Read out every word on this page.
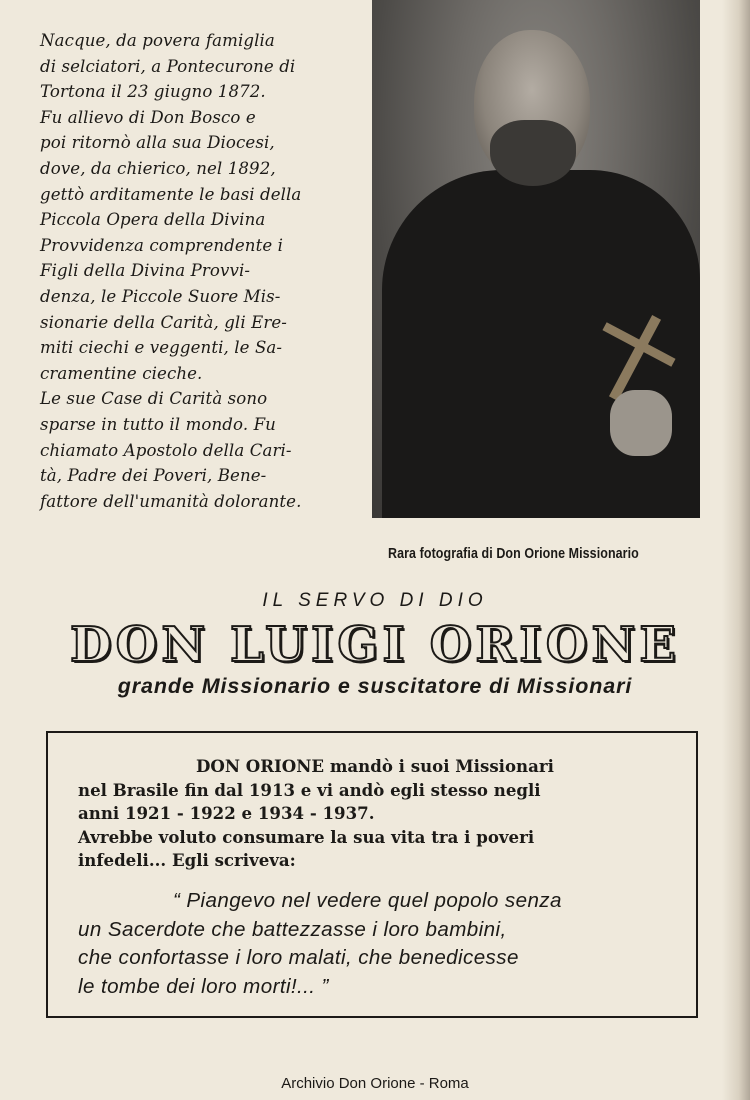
Nacque, da povera famiglia
di selciatori, a Pontecurone di
Tortona il 23 giugno 1872.
Fu allievo di Don Bosco e
poi ritornò alla sua Diocesi,
dove, da chierico, nel 1892,
gettò arditamente le basi della
Piccola Opera della Divina
Provvidenza comprendente i
Figli della Divina Provvi-
denza, le Piccole Suore Mis-
sionarie della Carità, gli Ere-
miti ciechi e veggenti, le Sa-
cramentine cieche.
Le sue Case di Carità sono
sparse in tutto il mondo. Fu
chiamato Apostolo della Cari-
tà, Padre dei Poveri, Bene-
fattore dell'umanità dolorante.
Rara fotografia di Don Orione Missionario
IL SERVO DI DIO
DON LUIGI ORIONE
grande Missionario e suscitatore di Missionari
DON ORIONE mandò i suoi Missionari
nel Brasile fin dal 1913 e vi andò egli stesso negli
anni 1921 - 1922 e 1934 - 1937.
Avrebbe voluto consumare la sua vita tra i poveri
infedeli... Egli scriveva:
“ Piangevo nel vedere quel popolo senza
un Sacerdote che battezzasse i loro bambini,
che confortasse i loro malati, che benedicesse
le tombe dei loro morti!... ”
Archivio Don Orione - Roma
